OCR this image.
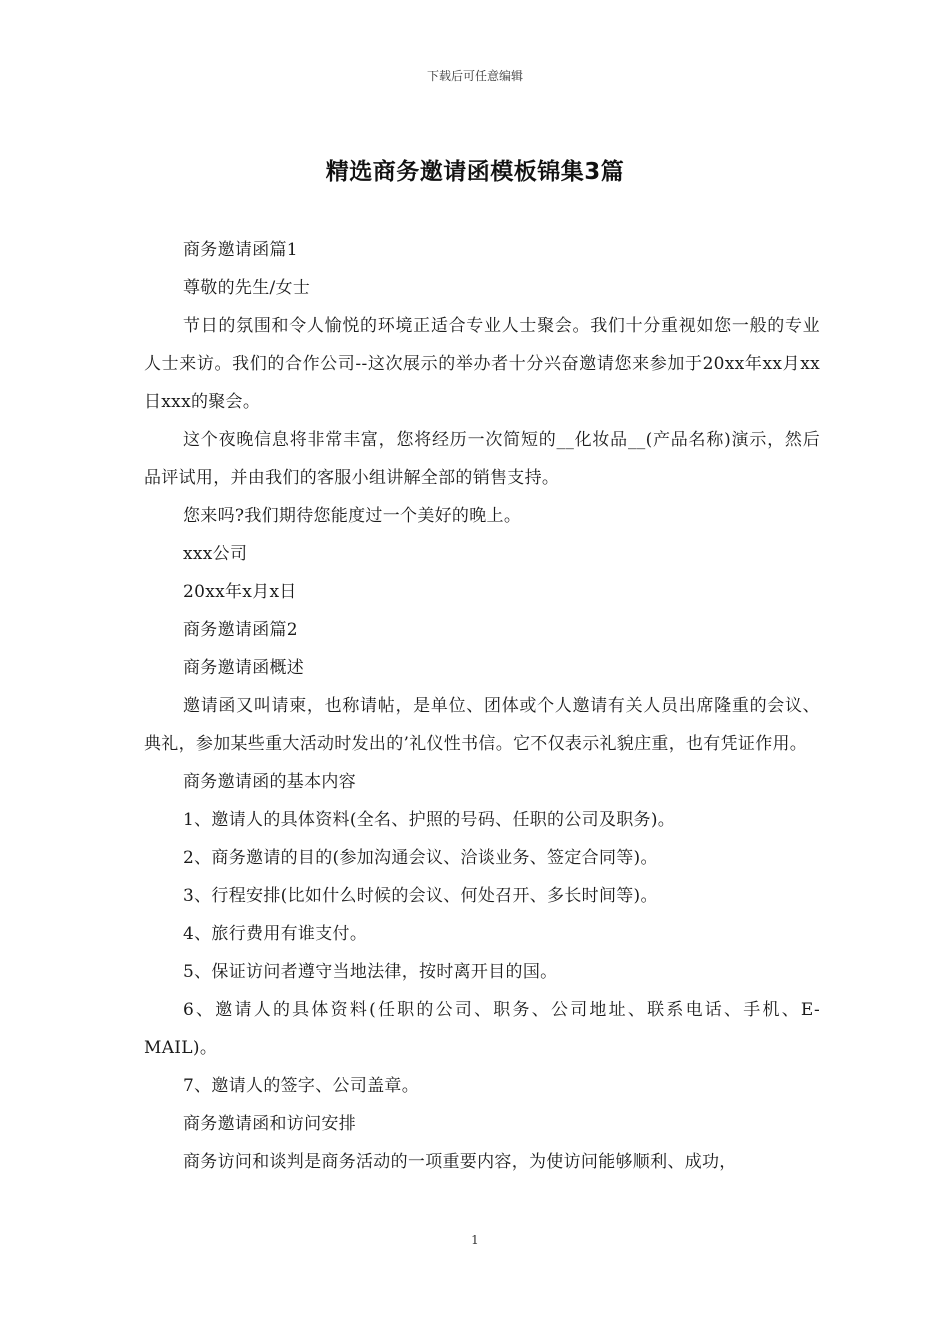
下载后可任意编辑
精选商务邀请函模板锦集3篇

商务邀请函篇1

尊敬的先生/女士

节日的氛围和令人愉悦的环境正适合专业人士聚会。我们十分重视如您一般的专业人士来访。我们的合作公司--这次展示的举办者十分兴奋邀请您来参加于20xx年xx月xx日xxx的聚会。

这个夜晚信息将非常丰富，您将经历一次简短的__化妆品__(产品名称)演示，然后品评试用，并由我们的客服小组讲解全部的销售支持。

您来吗?我们期待您能度过一个美好的晚上。

xxx公司

20xx年x月x日

商务邀请函篇2

商务邀请函概述

邀请函又叫请柬，也称请帖，是单位、团体或个人邀请有关人员出席隆重的会议、典礼，参加某些重大活动时发出的’礼仪性书信。它不仅表示礼貌庄重，也有凭证作用。

商务邀请函的基本内容

1、邀请人的具体资料(全名、护照的号码、任职的公司及职务)。

2、商务邀请的目的(参加沟通会议、洽谈业务、签定合同等)。

3、行程安排(比如什么时候的会议、何处召开、多长时间等)。

4、旅行费用有谁支付。

5、保证访问者遵守当地法律，按时离开目的国。

6、邀请人的具体资料(任职的公司、职务、公司地址、联系电话、手机、E-MAIL)。

7、邀请人的签字、公司盖章。

商务邀请函和访问安排

商务访问和谈判是商务活动的一项重要内容，为使访问能够顺利、成功，

1
